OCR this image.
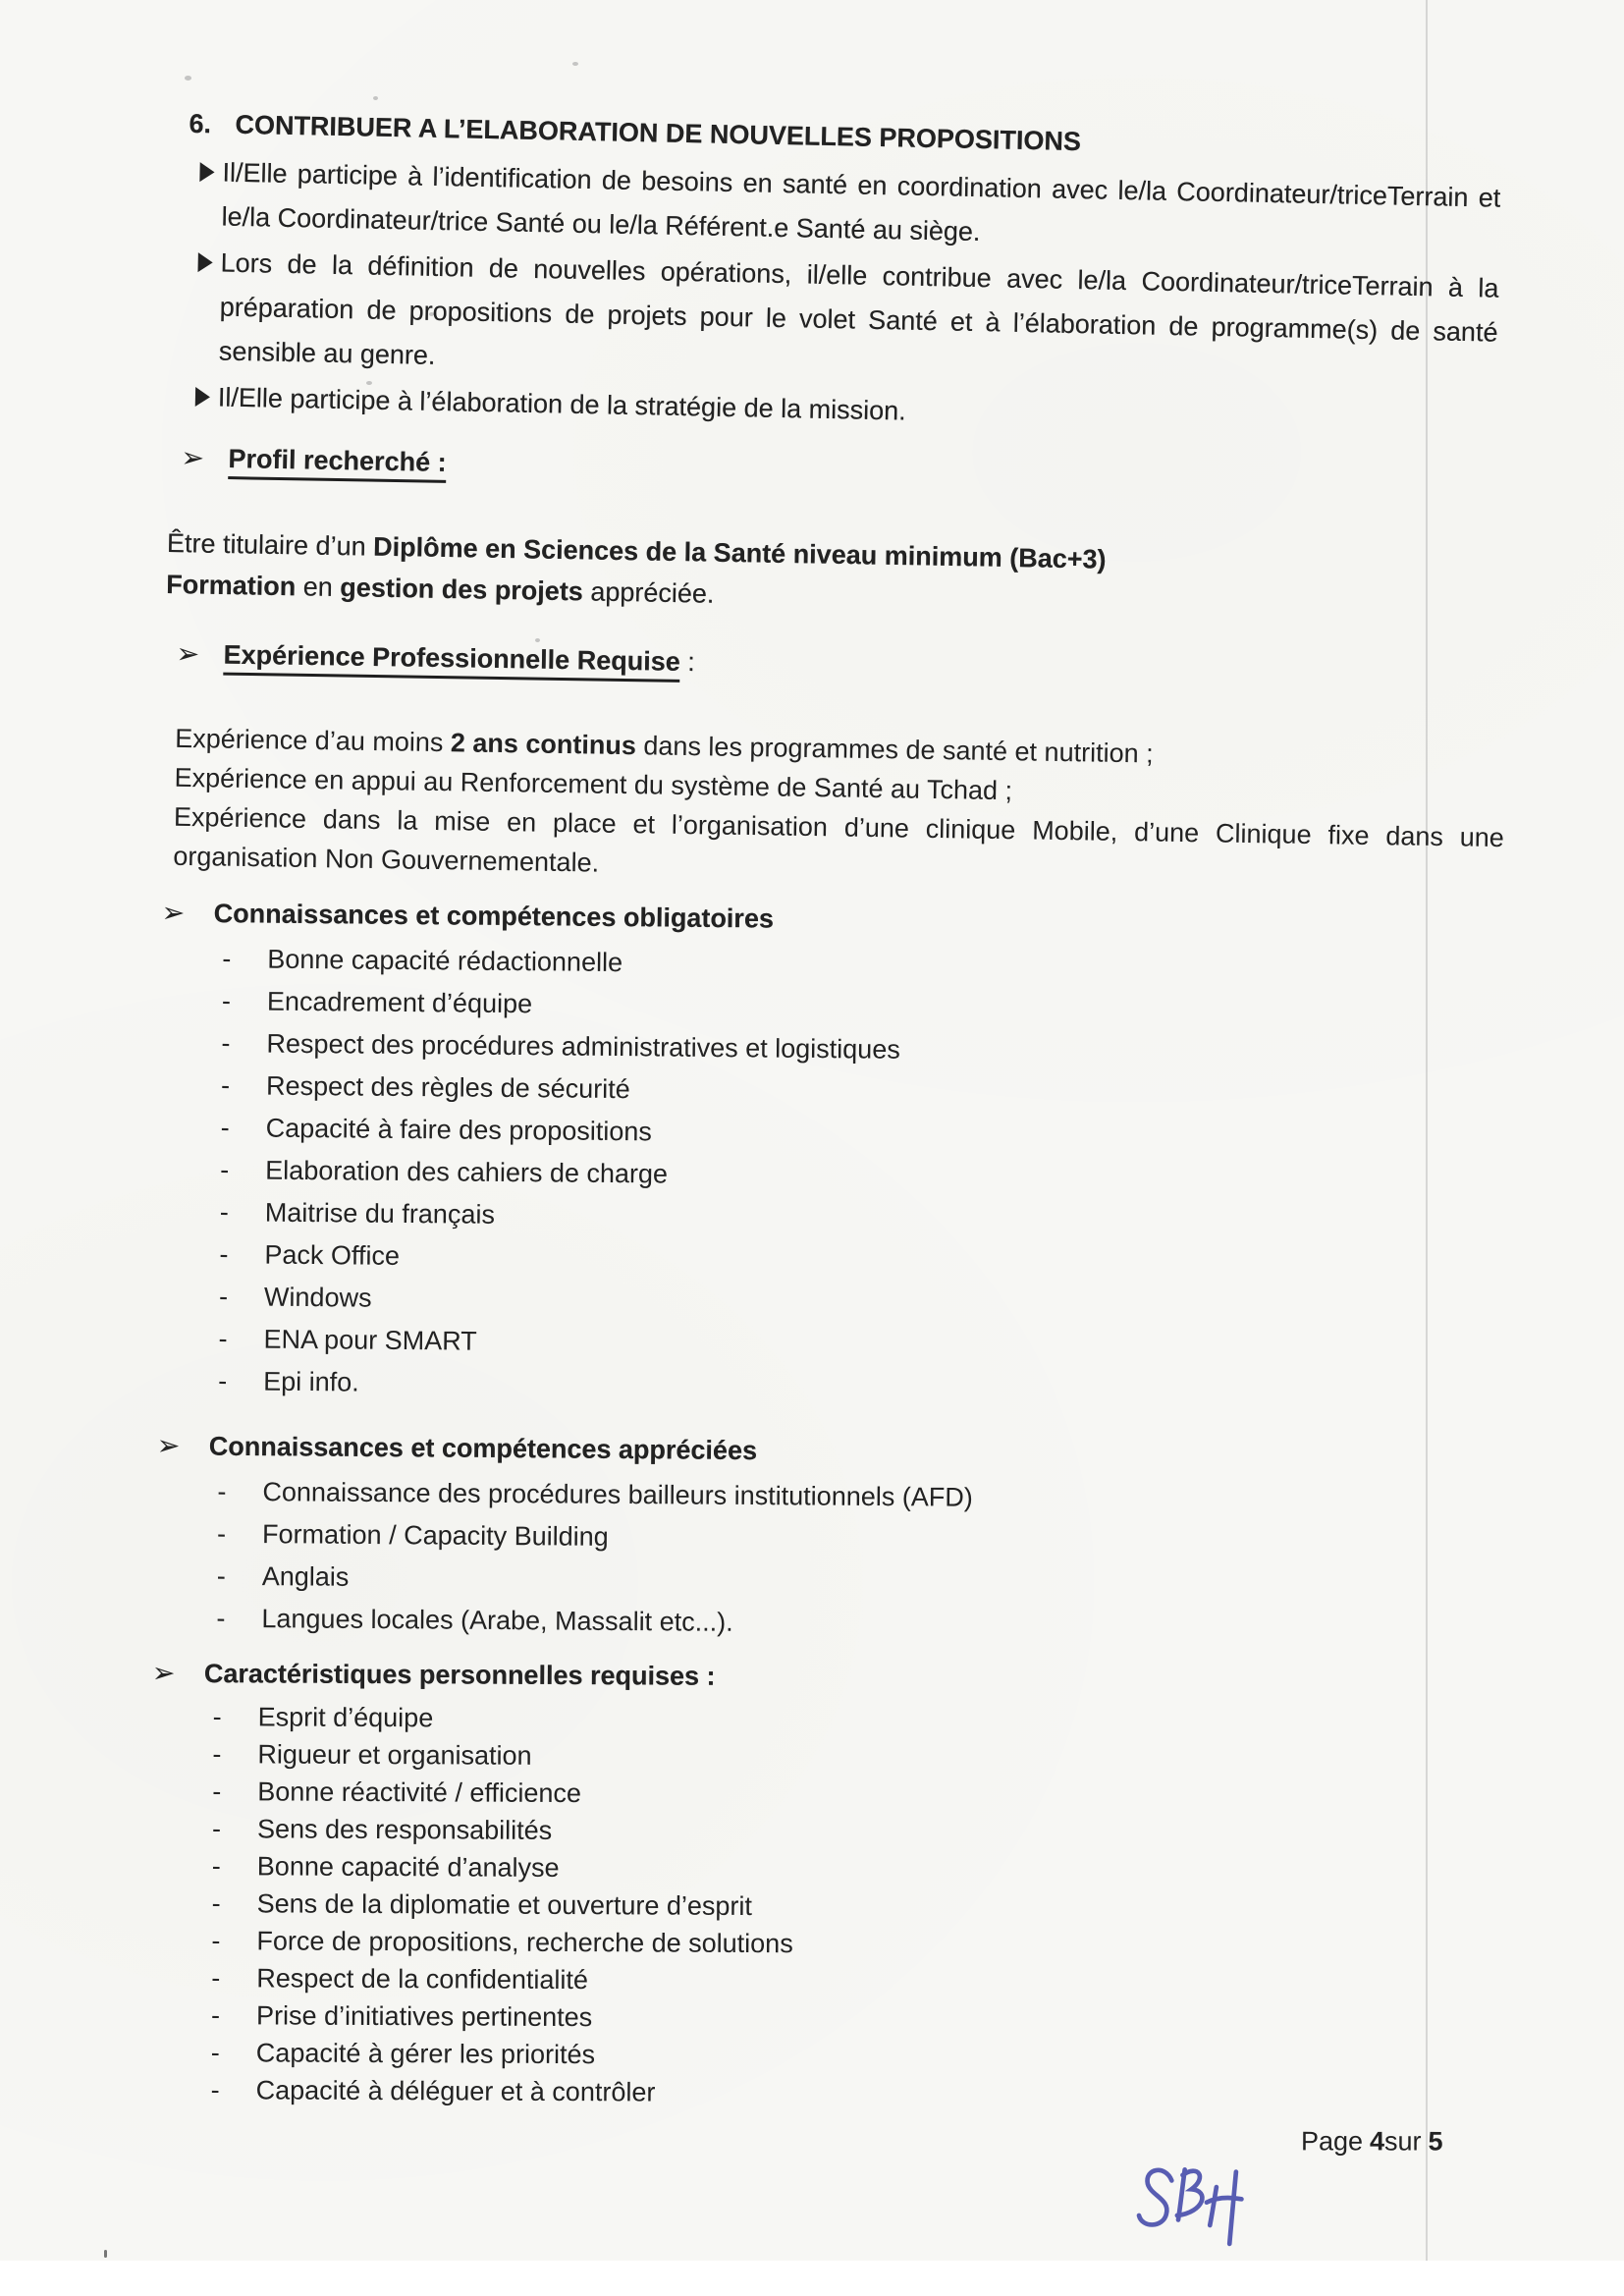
6. CONTRIBUER A L’ELABORATION DE NOUVELLES PROPOSITIONS

Il/Elle participe à l’identification de besoins en santé en coordination avec le/la Coordinateur/triceTerrain et le/la Coordinateur/trice Santé ou le/la Référent.e Santé au siège.

Lors de la définition de nouvelles opérations, il/elle contribue avec le/la Coordinateur/triceTerrain à la préparation de propositions de projets pour le volet Santé et à l’élaboration de programme(s) de santé sensible au genre.

Il/Elle participe à l’élaboration de la stratégie de la mission.

➢ Profil recherché :
Être titulaire d’un Diplôme en Sciences de la Santé niveau minimum (Bac+3)
Formation en gestion des projets appréciée.
➢ Expérience Professionnelle Requise :

Expérience d’au moins 2 ans continus dans les programmes de santé et nutrition ;

Expérience en appui au Renforcement du système de Santé au Tchad ;

Expérience dans la mise en place et l’organisation d’une clinique Mobile, d’une Clinique fixe dans une organisation Non Gouvernementale.

➢ Connaissances et compétences obligatoires
- Bonne capacité rédactionnelle
- Encadrement d’équipe
- Respect des procédures administratives et logistiques
- Respect des règles de sécurité
- Capacité à faire des propositions
- Elaboration des cahiers de charge
- Maitrise du français
- Pack Office
- Windows
- ENA pour SMART
- Epi info.
➢ Connaissances et compétences appréciées
- Connaissance des procédures bailleurs institutionnels (AFD)
- Formation / Capacity Building
- Anglais
- Langues locales (Arabe, Massalit etc...).
➢ Caractéristiques personnelles requises :
- Esprit d’équipe
- Rigueur et organisation
- Bonne réactivité / efficience
- Sens des responsabilités
- Bonne capacité d’analyse
- Sens de la diplomatie et ouverture d’esprit
- Force de propositions, recherche de solutions
- Respect de la confidentialité
- Prise d’initiatives pertinentes
- Capacité à gérer les priorités
- Capacité à déléguer et à contrôler
Page 4sur 5
